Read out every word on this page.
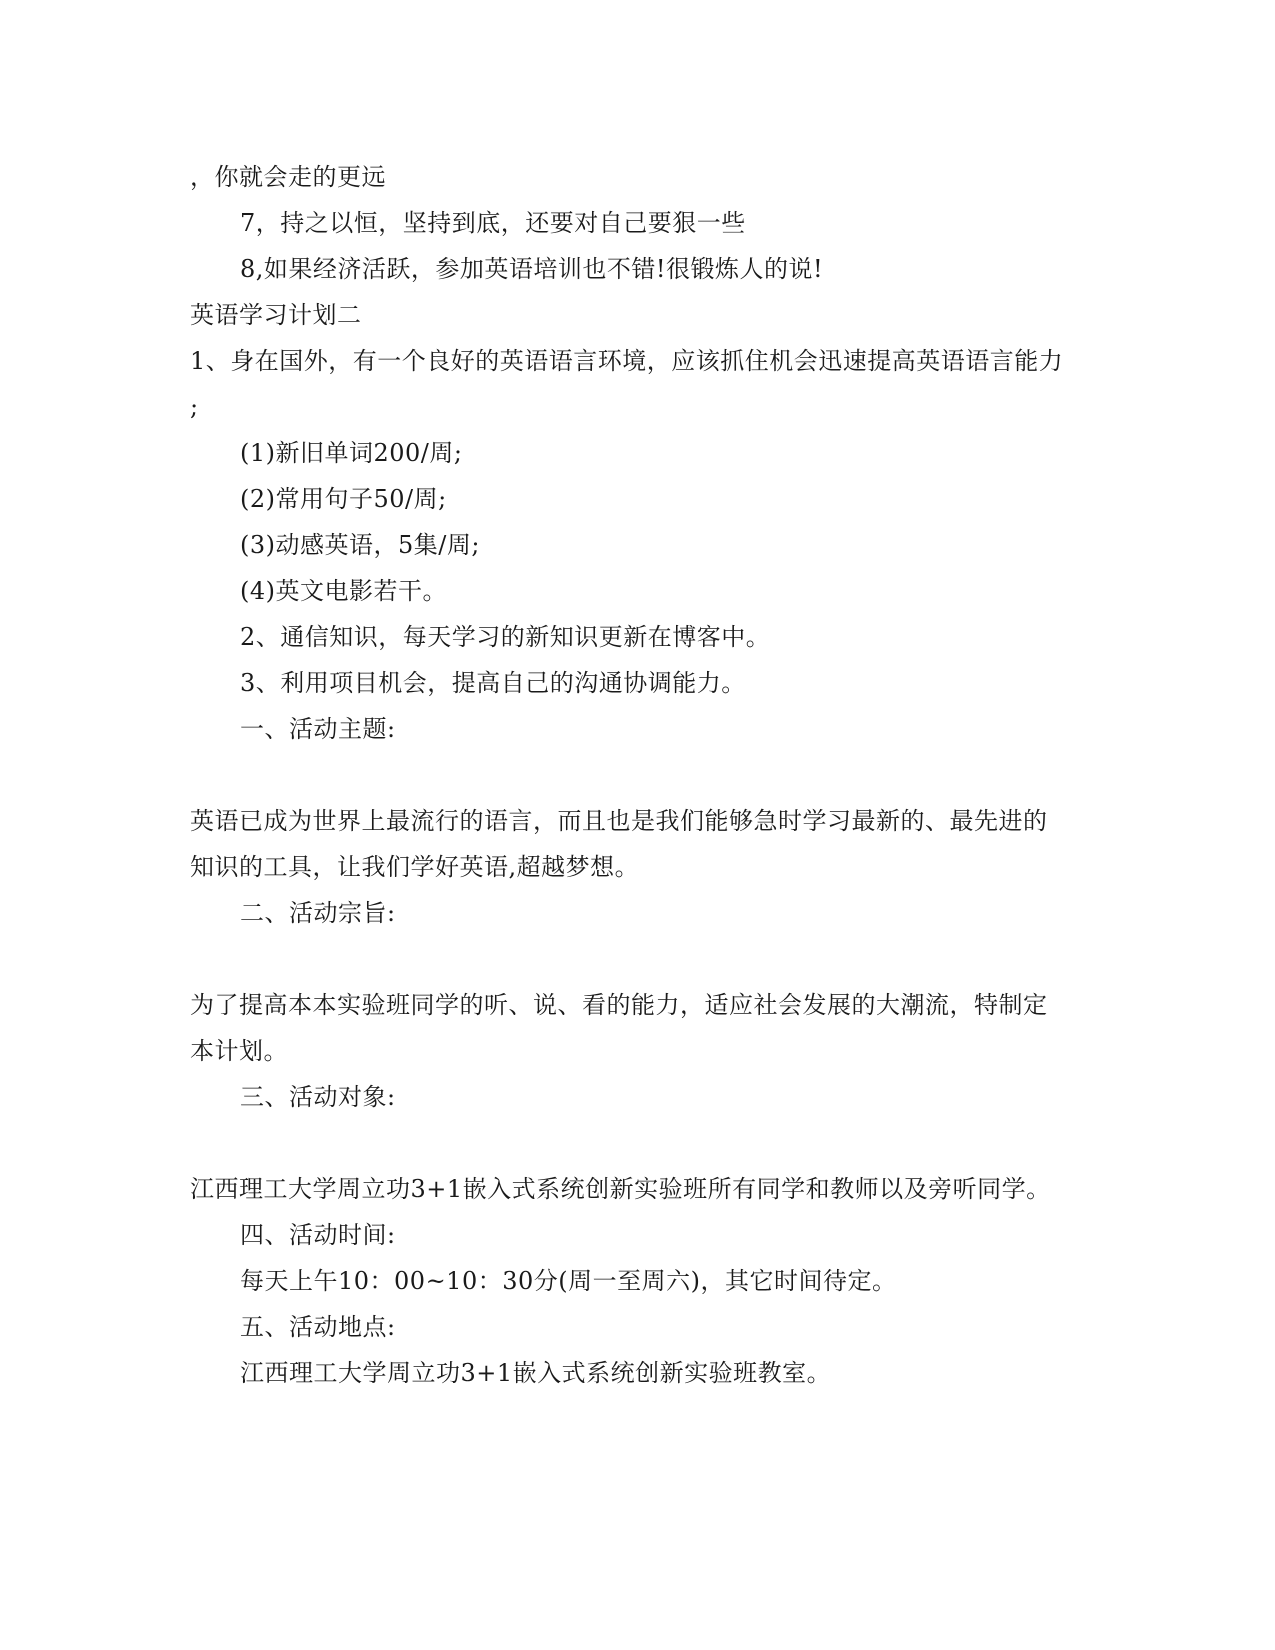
，你就会走的更远
7，持之以恒，坚持到底，还要对自己要狠一些
8,如果经济活跃，参加英语培训也不错!很锻炼人的说!
英语学习计划二
1、身在国外，有一个良好的英语语言环境，应该抓住机会迅速提高英语语言能力
;
(1)新旧单词200/周;
(2)常用句子50/周;
(3)动感英语，5集/周;
(4)英文电影若干。
2、通信知识，每天学习的新知识更新在博客中。
3、利用项目机会，提高自己的沟通协调能力。
一、活动主题:
英语已成为世界上最流行的语言，而且也是我们能够急时学习最新的、最先进的
知识的工具，让我们学好英语,超越梦想。
二、活动宗旨:
为了提高本本实验班同学的听、说、看的能力，适应社会发展的大潮流，特制定
本计划。
三、活动对象:
江西理工大学周立功3+1嵌入式系统创新实验班所有同学和教师以及旁听同学。
四、活动时间:
每天上午10：00~10：30分(周一至周六)，其它时间待定。
五、活动地点:
江西理工大学周立功3+1嵌入式系统创新实验班教室。
